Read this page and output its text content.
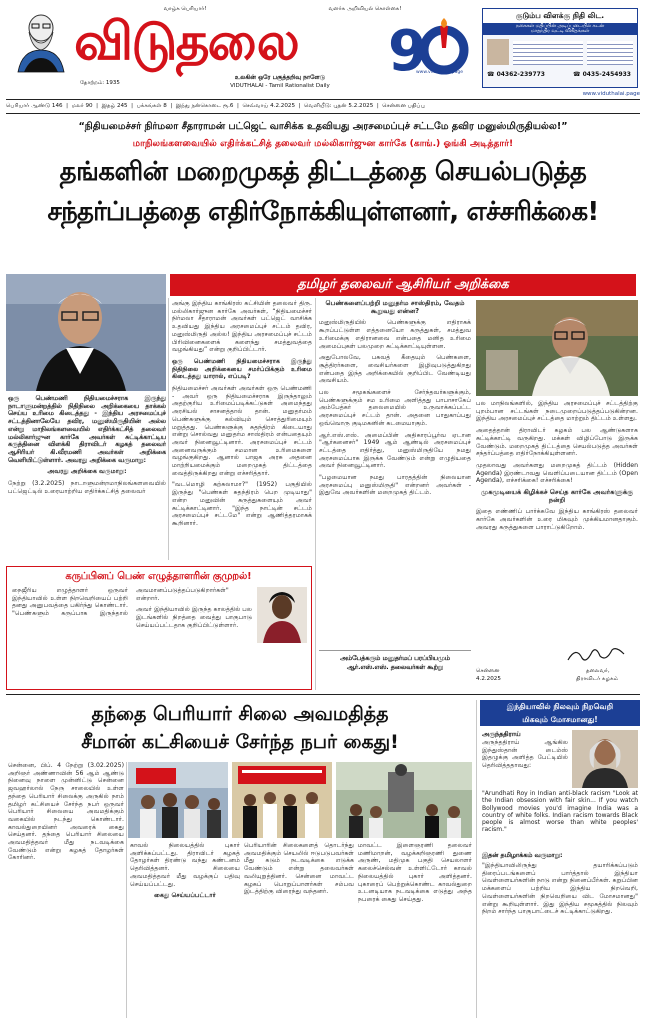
வாழ்க பெரியார்!	வளர்க அறிவியல் கொள்கை!
விடுதலை	9
தோற்றம்: 1935
www.viduthalai.page
உலகின் ஒரே பகுத்தறிவு நாளேடு
VIDUTHALAI - Tamil Rationalist Daily
குடும்ப விளக்கு நிதி லிட.
நகைகள் மதிப்பின் அடிப்படையில் கடன்
மாதந்திர வட்டி விகிதங்கள்
☎ 04362-239773	☎ 0435-2454933
www.viduthalai.page
பெரியார் ஆண்டு 146  |  மலர் 90  |  இதழ் 245  |  பக்கங்கள் 8  |  இந்து நன்கொடை ரூ.6  |  செவ்வாய் 4.2.2025  |  வெளியீடு: புதன் 5.2.2025  |  சென்னை பதிப்பு
“நிதியமைச்சர் நிர்மலா சீதாராமன் பட்ஜெட் வாசிக்க உதவியது அரசமைப்புச் சட்டமே தவிர மனுஸ்மிருதியல்ல!”
மாநிலங்களவையில் எதிர்க்கட்சித் தலைவர் மல்லிகார்ஜுன கார்கே (காங்.) ஓங்கி அடித்தார்!
தங்களின் மறைமுகத் திட்டத்தை செயல்படுத்த
சந்தர்ப்பத்தை எதிர்நோக்கியுள்ளனர், எச்சரிக்கை!
தமிழர் தலைவர் ஆசிரியர் அறிக்கை

ஒரு பெண்மணி நிதியமைச்சராக இருந்து நாடாளுமன்றத்தில் நிதிநிலை அறிக்கையை தாக்கல் செய்ய உரிமை கிடைத்தது - இந்திய அரசமைப்புச் சட்டத்தினாலேயே தவிர, மனுஸ்மிருதியின் அல்ல என்று மாநிலங்களவையில் எதிர்க்கட்சித் தலைவர் மல்லிகார்ஜுன கார்கே அவர்கள் சுட்டிக்காட்டிய கருத்தினை விளக்கி திராவிடர் கழகத் தலைவர் ஆசிரியர் கி.வீரமணி அவர்கள் அறிக்கை வெளியிட்டுள்ளார். அவரது அறிக்கை வருமாறு:

அவரது அறிக்கை வருமாறு:

நேற்று (3.2.2025) நாடாளுமன்றமாநிலங்களவையில் பட்ஜெட்டில் உரையாற்றிய எதிர்க்கட்சித் தலைவர்

அங்கு இந்திய காங்கிரஸ் கட்சியின் தலைவர் திரு. மல்லிகார்ஜுன கார்கே அவர்கள், “நிதியமைச்சர் நிர்மலா சீதாராமன் அவர்கள் பட்ஜெட் வாசிக்க உதவியது இந்திய அரசமைப்புச் சட்டம் தவிர, மனுஸ்மிருதி அல்ல! இந்திய அரசமைப்புச் சட்டம் பிரிவினைகளைக் களைந்து சமத்துவத்தை வழங்கியது” என்று குறிப்பிட்டார்.

ஒரு பெண்மணி நிதியமைச்சராக இருந்து நிதிநிலை அறிக்கையை சமர்ப்பிக்கும் உரிமை கிடைத்தது யாரால், எப்படி?

நிதியமைச்சர் அவர்கள் அவர்கள் ஒரு பெண்மணி - அவர் ஒரு நிதியமைச்சராக இருந்தாலும் அதற்குரிய உரிமைப்படிக்கட்டுகள் அமைந்தது அரசியல் சாசனத்தால் தான். மனுதர்மம் பெண்களுக்கு கல்வியும் சொத்துரிமையும் மறுத்தது. பெண்களுக்கு சுதந்திரம் கிடையாது என்று சொல்வது மனுதர்ம சாஸ்திரம் என்பதையும் அவர் நினைவூட்டினார். அரசமைப்புச் சட்டம் அனைவருக்கும் சமமான உரிமைகளை வழங்குகிறது. ஆனால் பாஜக அரசு அதனை மாற்றியமைக்கும் மறைமுகத் திட்டத்தை வைத்திருக்கிறது என்று எச்சரித்தார்.

"வடமொழி கற்கலாமா?" (1952) பகுதியில் இருந்து "பெண்கள் சுதந்திரம் பெற முடியாது" என்ற மனுவின் கருத்துகளையும் அவர் சுட்டிக்காட்டினார். "இந்த நாட்டின் சட்டம் அரசமைப்புச் சட்டமே" என்று ஆணித்தரமாகக் கூறினார்.

பெண்களைப்பற்றி மனுதர்ம சாஸ்திரம், வேதம் கூறுவது என்ன?

மனுஸ்மிருதியில் பெண்களுக்கு எதிராகக் கூறப்பட்டுள்ள எத்தனையோ கருத்துகள், சமத்துவ உரிமைக்கு எதிரானவை என்பதை மனித உரிமை அமைப்புகள் பலமுறை சுட்டிக்காட்டியுள்ளன.

அதுபோலவே, பகவத் கீதையும் பெண்களை, சூத்திரர்களை, வைசியர்களை இழிவுபடுத்துகிறது என்பதை இந்த அறிக்கையில் குறிப்பிட வேண்டியது அவசியம்.

பல சமூகங்களைச் சேர்ந்தவர்களுக்கும், பெண்களுக்கும் சம உரிமை அளித்தது பாபாசாகேப் அம்பேத்கர் தலைமையில் உருவாக்கப்பட்ட அரசமைப்புச் சட்டம் தான். அதனை பாதுகாப்பது ஒவ்வொரு குடிமகனின் கடமையாகும்.

ஆர்.எஸ்.எஸ். அமைப்பின் அதிகாரப்பூர்வ ஏடான "ஆர்கனைசர்" 1949 ஆம் ஆண்டில் அரசமைப்புச் சட்டத்தை எதிர்த்து, மனுஸ்மிருதியே நமது அரசமைப்பாக இருக்க வேண்டும் என்று எழுதியதை அவர் நினைவூட்டினார்.

"பழமையான நமது பாரதத்தின் நிலையான அரசமைப்பு மனுஸ்மிருதி" என்றனர் அவர்கள் - இதுவே அவர்களின் மறைமுகத் திட்டம்.

அம்பேத்கரும் மனுதர்மப் பரப்பியமும்
ஆர்.எஸ்.எஸ். தலைவர்கள் கூற்று

பல மாநிலங்களில், இந்திய அரசமைப்புச் சட்டத்திற்கு புறம்பான சட்டங்கள் நடைமுறைப்படுத்தப்படுகின்றன. இந்திய அரசமைப்புச் சட்டத்தை மாற்றும் திட்டம் உள்ளது.

அதைத்தான் திராவிடர் கழகம் பல ஆண்டுகளாக சுட்டிக்காட்டி வருகிறது. மக்கள் விழிப்போடு இருக்க வேண்டும். மறைமுகத் திட்டத்தை செயல்படுத்த அவர்கள் சந்தர்ப்பத்தை எதிர்நோக்கியுள்ளனர்.

முதலாவது அவர்களது மறைமுகத் திட்டம் (Hidden Agenda) இரண்டாவது வெளிப்படையான திட்டம் (Open Agenda), எச்சரிக்கை! எச்சரிக்கை!

முகமூடியைக் கிழிக்கச் செய்த கார்கே அவர்களுக்கு நன்றி

இதை எண்ணிப் பார்க்கவே இந்திய காங்கிரஸ் தலைவர் கார்கே அவர்களின் உரை மிகவும் முக்கியமானதாகும். அவரது கருத்துகளை பாராட்டுகிறோம்.

சென்னை
4.2.2025
தலைவர்,
திராவிடர் கழகம்
கருப்பினப் பெண் எழுத்தாளரின் குமுறல்!

நைஜீரிய எழுத்தாளர் ஒருவர் இந்தியாவில் உள்ள நிறவெறியைப் பற்றி தனது அனுபவத்தை பகிர்ந்து கொண்டார். "பெண்களும் கருப்பாக இருந்தால் அவமானப்படுத்தப்படுகிறார்கள்" என்றார்.

அவர் இந்தியாவில் இருந்த காலத்தில் பல இடங்களில் நிறத்தை வைத்து பாகுபாடு செய்யப்பட்டதாக குறிப்பிட்டுள்ளார்.

தந்தை பெரியார் சிலை அவமதித்த
சீமான் கட்சியைச் சேர்ந்த நபர் கைது!

சென்னை, பிப். 4 நேற்று (3.02.2025) அறிஞர் அண்ணாவின் 56 ஆம் ஆண்டு நினைவு நாளை முன்னிட்டு சென்னை ஜவஹர்லால் நேரு சாலையில் உள்ள தந்தை பெரியார் சிலைக்கு அருகில் நாம் தமிழர் கட்சியைச் சேர்ந்த நபர் ஒருவர் பெரியார் சிலையை அவமதிக்கும் வகையில் நடந்து கொண்டார். காவல்துறையினர் அவரைக் கைது செய்தனர். தந்தை பெரியார் சிலையை அவமதித்தவர் மீது நடவடிக்கை வேண்டும் என்று கழகத் தோழர்கள் கோரினர்.

காவல் நிலையத்தில் புகார் அளிக்கப்பட்டது. திராவிடர் கழகத் தோழர்கள் திரண்டு வந்து கண்டனம் தெரிவித்தனர். சிலையை அவமதித்தவர் மீது வழக்குப் பதிவு செய்யப்பட்டது.

கைது செய்யப்பட்டார்

பெரியாரின் சிலைகளைத் தொடர்ந்து அவமதிக்கும் செயலில் ஈடுபடுபவர்கள் மீது கடும் நடவடிக்கை எடுக்க வேண்டும் என்று தலைவர்கள் வலியுறுத்தினர். சென்னை மாவட்ட கழகப் பொறுப்பாளர்கள் சம்பவ இடத்திற்கு விரைந்து வந்தனர்.

மாவட்ட இளைஞரணி தலைவர் மணிமாறன், வழக்கறிஞரணி துணை அருண், மதிமுக பகுதி செயலாளர் கலைச்செல்வன் உள்ளிட்டோர் காவல் நிலையத்தில் புகார் அளித்தனர். புகாரைப் பெற்றுக்கொண்ட காவல்துறை உடனடியாக நடவடிக்கை எடுத்து அந்த நபரைக் கைது செய்தது.

இந்தியாவில் நிலவும் நிறவெறி
மிகவும் மோசமானது!
அருந்ததிராய்

அருந்ததிராய் ஆங்கில இந்துஸ்தான் டைம்ஸ் இதழுக்கு அளித்த பேட்டியில் தெரிவித்ததாவது:

"Arundhati Roy in Indian anti-black racism "Look at the Indian obsession with fair skin... If you watch Bollywood movies you'd imagine India was a country of white folks. Indian racism towards Black people is almost worse than white peoples' racism."

இதன் தமிழாக்கம் வருமாறு:

"இந்தியாவிலிருந்து தயாரிக்கப்படும் திரைப்படங்களைப் பார்த்தால் இந்தியா வெள்ளையர்களின் நாடு என்று நினைப்பீர்கள். கறுப்பின மக்களைப் பற்றிய இந்திய நிறவெறி, வெள்ளையர்களின் நிறவெறியை விட மோசமானது" என்று கூறியுள்ளார். இது இந்திய சமூகத்தில் நிலவும் நிறம் சார்ந்த பாகுபாட்டைச் சுட்டிக்காட்டுகிறது.
